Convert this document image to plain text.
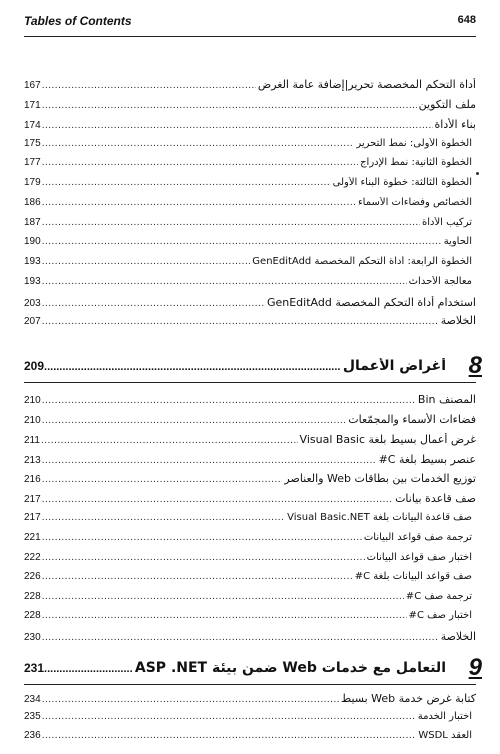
Tables of Contents	648
أداة التحكم المخصصة تحرير|إضافة عامة الغرض
.....
167
ملف التكوين
.....
171
بناء الأداة
.....
174
الخطوة الأولى: نمط التحرير
.....
175
الخطوة الثانية: نمط الإدراج
.....
177
الخطوة الثالثة: خطوة البناء الأولى
.....
179
الخصائص وفضاءات الأسماء
.....
186
تركيب الأداة
.....
187
الحاوية
.....
190
الخطوة الرابعة: أداة التحكم المخصصة GenEditAdd
.....
193
معالجة الأحداث
.....
193
استخدام أداة التحكم المخصصة GenEditAdd
.....
203
الخلاصة
.....
207
8
أغراض الأعمال
.....
209
المصنف Bin
.....
210
فضاءات الأسماء والمجمّعات
.....
210
غرض أعمال بسيط بلغة Visual Basic
.....
211
عنصر بسيط بلغة C#
.....
213
توزيع الخدمات بين بطاقات Web والعناصر
.....
216
صف قاعدة بيانات
.....
217
صف قاعدة البيانات بلغة Visual Basic.NET
.....
217
ترجمة صف قواعد البيانات
.....
221
اختبار صف قواعد البيانات
.....
222
صف قواعد البيانات بلغة C#
.....
226
ترجمة صف C#
.....
228
اختبار صف C#
.....
228
الخلاصة
.....
230
9
التعامل مع خدمات Web ضمن بيئة ASP .NET
.....
231
كتابة غرض خدمة Web بسيط
.....
234
اختبار الخدمة
.....
235
العقد WSDL
.....
236
